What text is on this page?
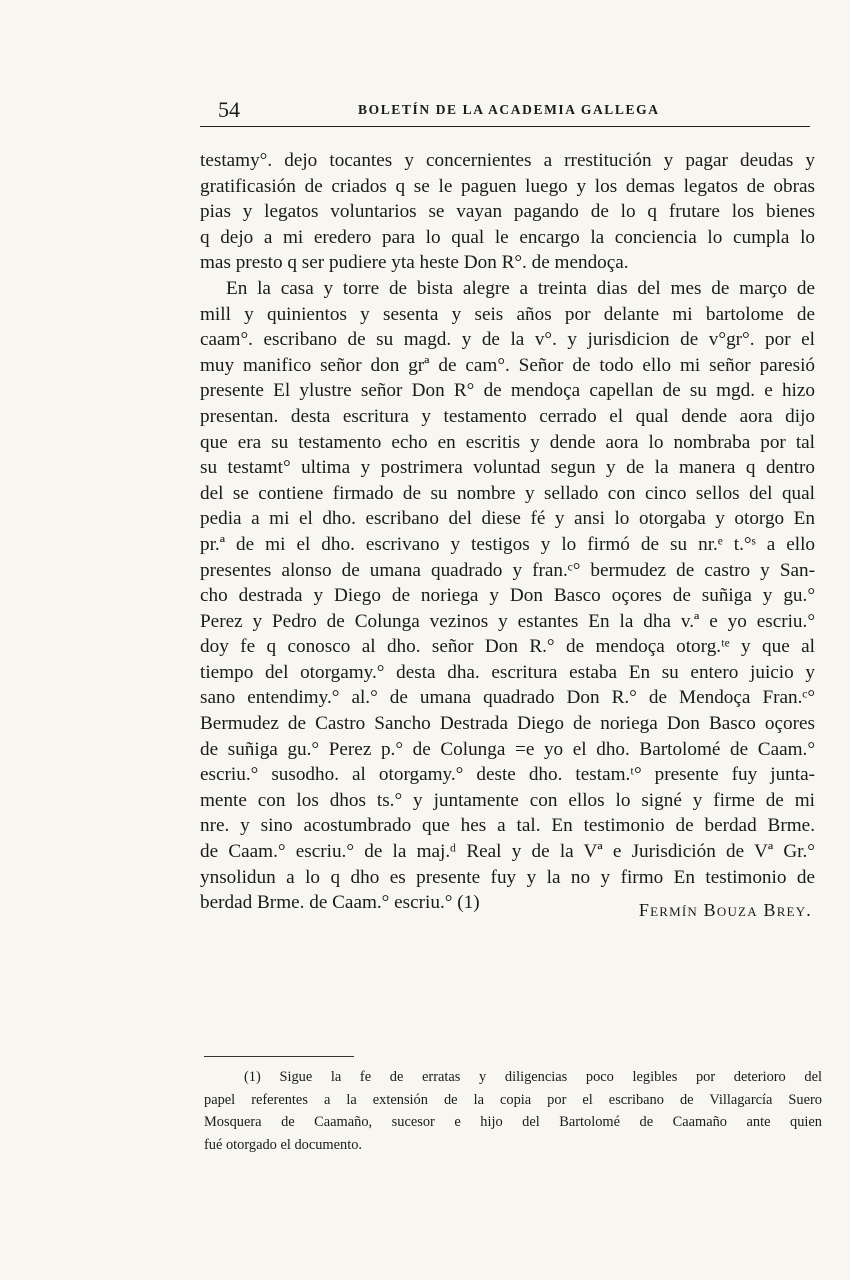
54	BOLETÍN DE LA ACADEMIA GALLEGA
testamy°. dejo tocantes y concernientes a rrestitución y pagar deudas y
gratificasión de criados q se le paguen luego y los demas legatos de obras
pias y legatos voluntarios se vayan pagando de lo q frutare los bienes
q dejo a mi eredero para lo qual le encargo la conciencia lo cumpla lo
mas presto q ser pudiere yta heste Don R°. de mendoça.
En la casa y torre de bista alegre a treinta dias del mes de marҫo de
mill y quinientos y sesenta y seis años por delante mi bartolome de
caam°. escribano de su magd. y de la v°. y jurisdicion de v°gr°. por el
muy manifico señor don grª de cam°. Señor de todo ello mi señor paresió
presente El ylustre señor Don R° de mendoça capellan de su mgd. e hizo
presentan. desta escritura y testamento cerrado el qual dende aora dijo
que era su testamento echo en escritis y dende aora lo nombraba por tal
su testamt° ultima y postrimera voluntad segun y de la manera q dentro
del se contiene firmado de su nombre y sellado con cinco sellos del qual
pedia a mi el dho. escribano del diese fé y ansi lo otorgaba y otorgo En
pr.ª de mi el dho. escrivano y testigos y lo firmó de su nr.ᵉ t.°ˢ a ello
presentes alonso de umana quadrado y fran.ᶜ° bermudez de castro y San-
cho destrada y Diego de noriega y Don Basco oçores de suñiga y gu.°
Perez y Pedro de Colunga vezinos y estantes En la dha v.ª e yo escriu.°
doy fe q conosco al dho. señor Don R.° de mendoça otorg.ᵗᵉ y que al
tiempo del otorgamy.° desta dha. escritura estaba En su entero juicio y
sano entendimy.° al.° de umana quadrado Don R.° de Mendoça Fran.ᶜ°
Bermudez de Castro Sancho Destrada Diego de noriega Don Basco oçores
de suñiga gu.° Perez p.° de Colunga =e yo el dho. Bartolomé de Caam.°
escriu.° susodho. al otorgamy.° deste dho. testam.ᵗ° presente fuy junta-
mente con los dhos ts.° y juntamente con ellos lo signé y firme de mi
nre. y sino acostumbrado que hes a tal. En testimonio de berdad Brme.
de Caam.° escriu.° de la maj.ᵈ Real y de la Vª e Jurisdición de Vª Gr.°
ynsolidun a lo q dho es presente fuy y la no y firmo En testimonio de
berdad Brme. de Caam.° escriu.° (1)	Fermín Bouza Brey.
(1) Sigue la fe de erratas y diligencias poco legibles por deterioro del
papel referentes a la extensión de la copia por el escribano de Villagarcía Suero
Mosquera de Caamaño, sucesor e hijo del Bartolomé de Caamaño ante quien
fué otorgado el documento.
